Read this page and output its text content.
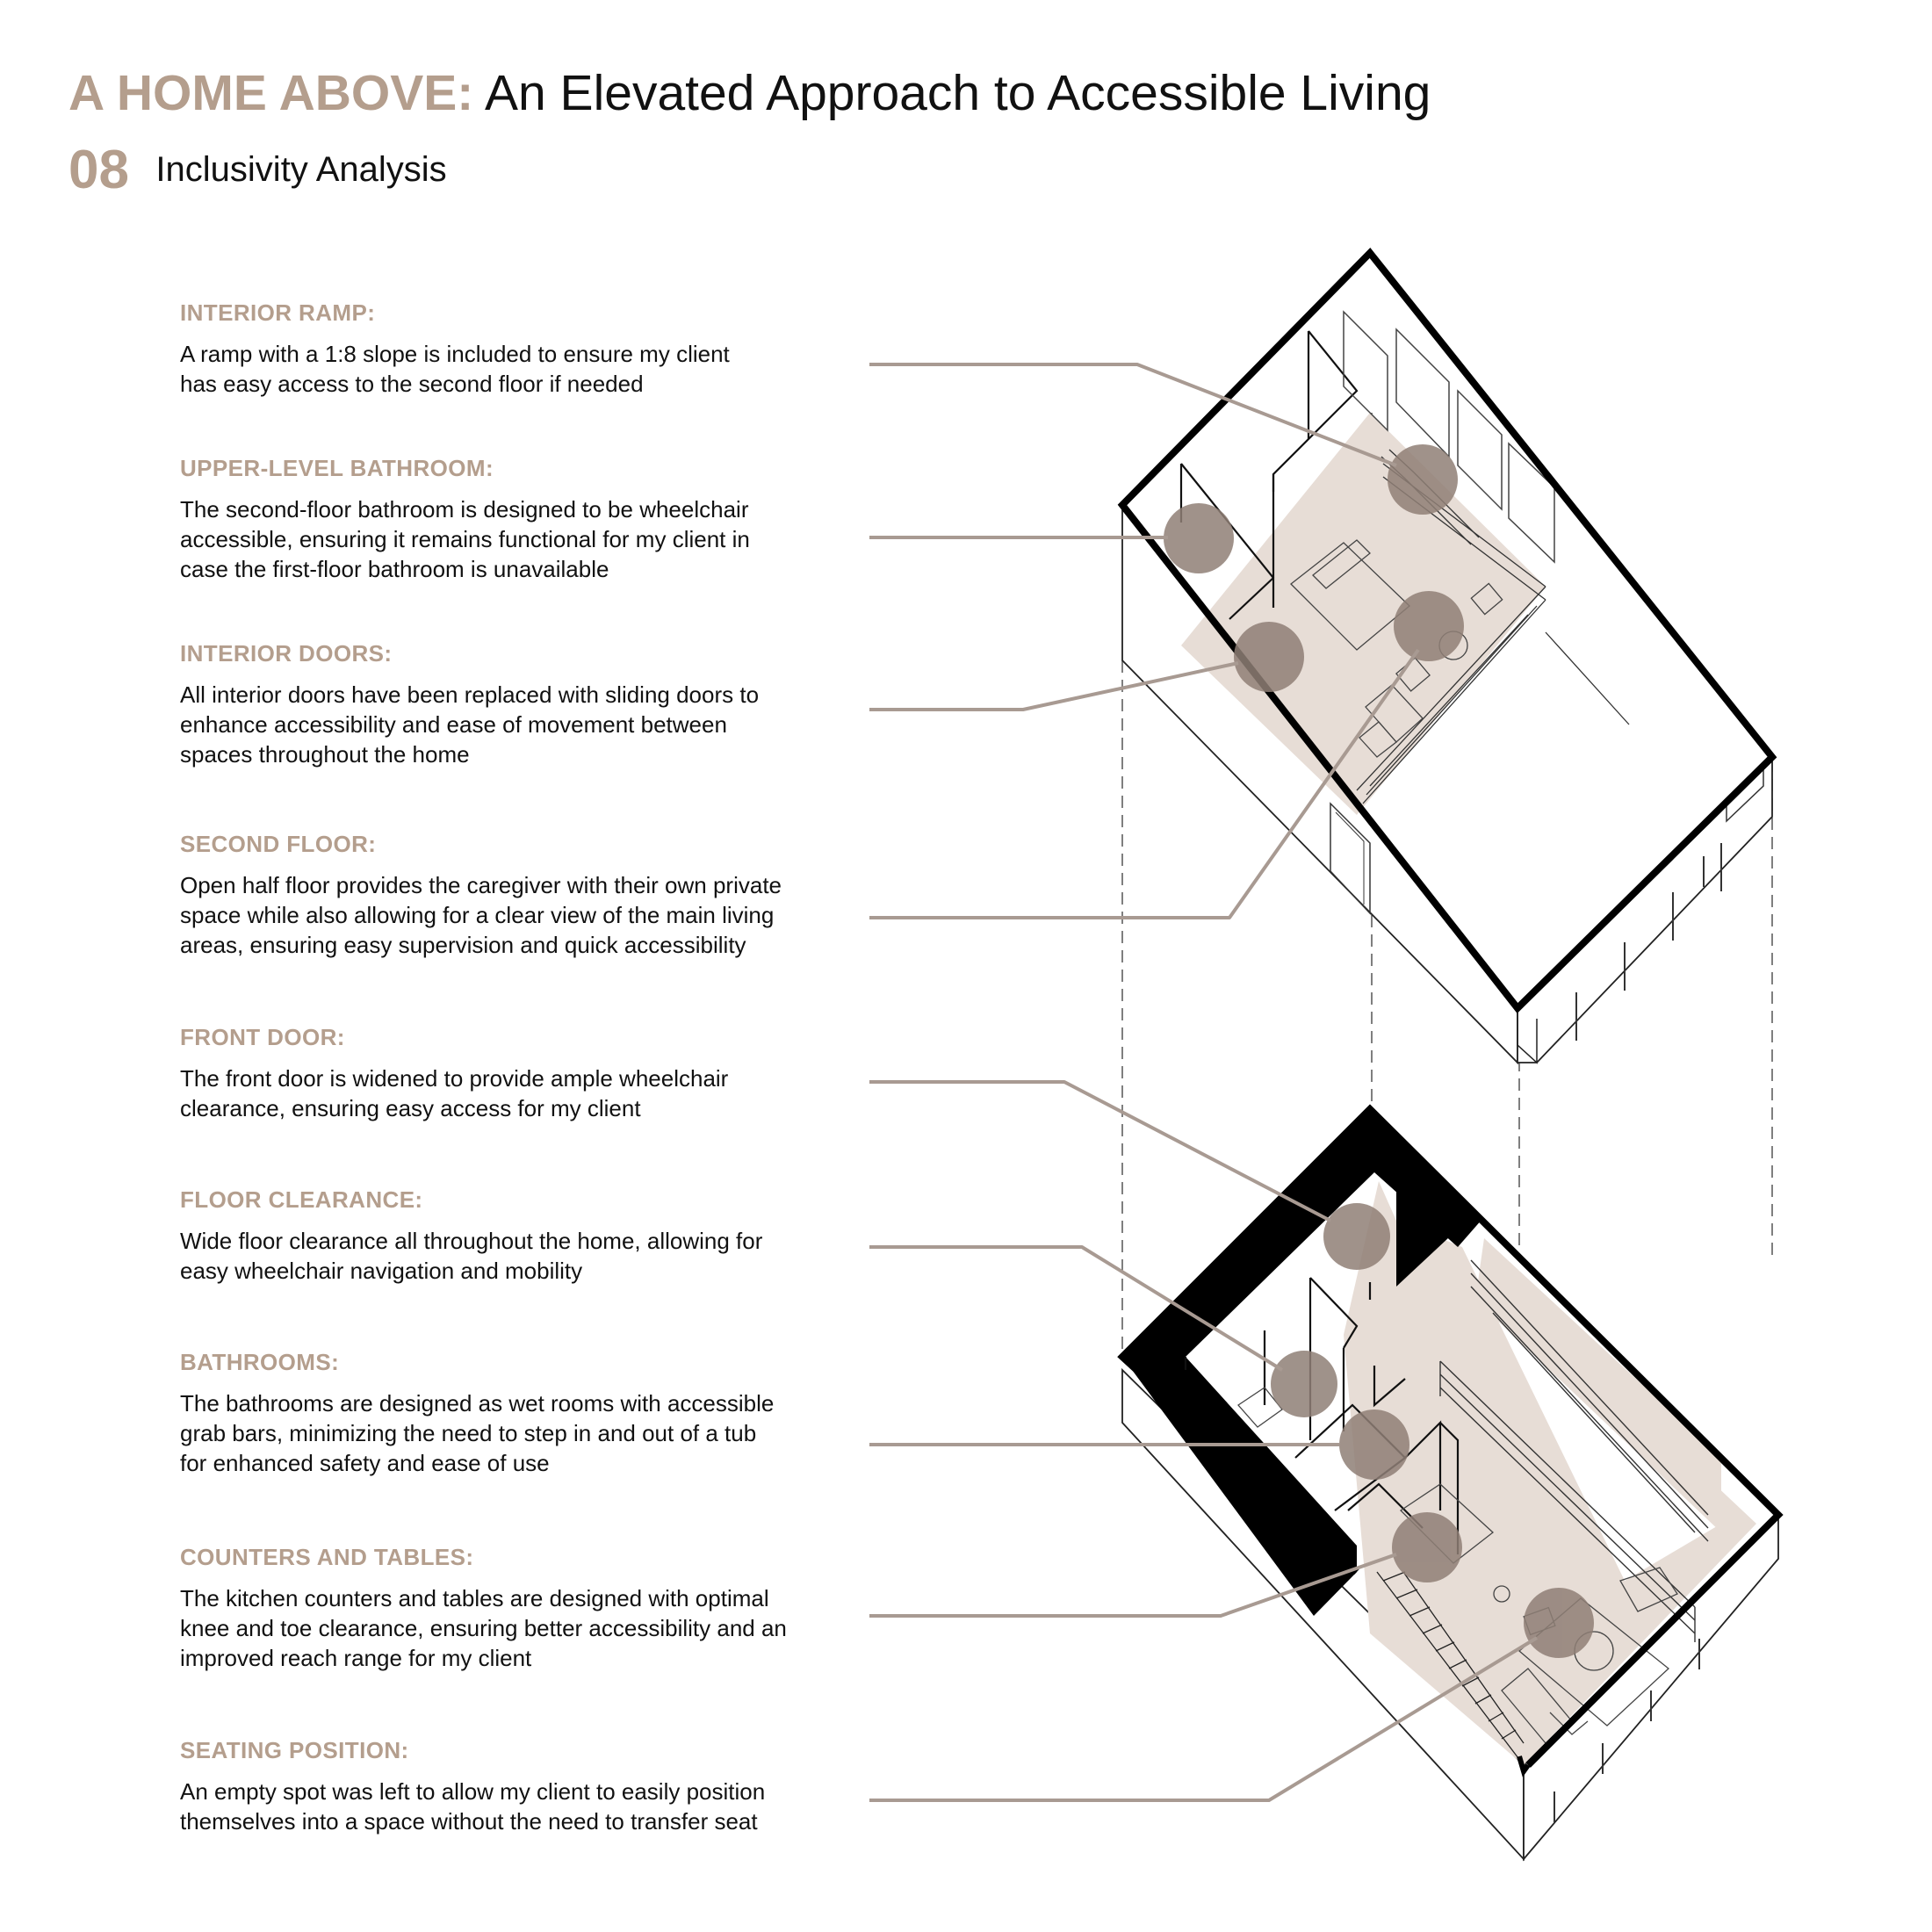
A HOME ABOVE: An Elevated Approach to Accessible Living
08 Inclusivity Analysis
INTERIOR RAMP:
A ramp with a 1:8 slope is included to ensure my client
has easy access to the second floor if needed
UPPER-LEVEL BATHROOM:
The second-floor bathroom is designed to be wheelchair
accessible, ensuring it remains functional for my client in
case the first-floor bathroom is unavailable
INTERIOR DOORS:
All interior doors have been replaced with sliding doors to
enhance accessibility and ease of movement between
spaces throughout the home
SECOND FLOOR:
Open half floor provides the caregiver with their own private
space while also allowing for a clear view of the main living
areas, ensuring easy supervision and quick accessibility
FRONT DOOR:
The front door is widened to provide ample wheelchair
clearance, ensuring easy access for my client
FLOOR CLEARANCE:
Wide floor clearance all throughout the home, allowing for
easy wheelchair navigation and mobility
BATHROOMS:
The bathrooms are designed as wet rooms with accessible
grab bars, minimizing the need to step in and out of a tub
for enhanced safety and ease of use
COUNTERS AND TABLES:
The kitchen counters and tables are designed with optimal
knee and toe clearance, ensuring better accessibility and an
improved reach range for my client
SEATING POSITION:
An empty spot was left to allow my client to easily position
themselves into a space without the need to transfer seat
